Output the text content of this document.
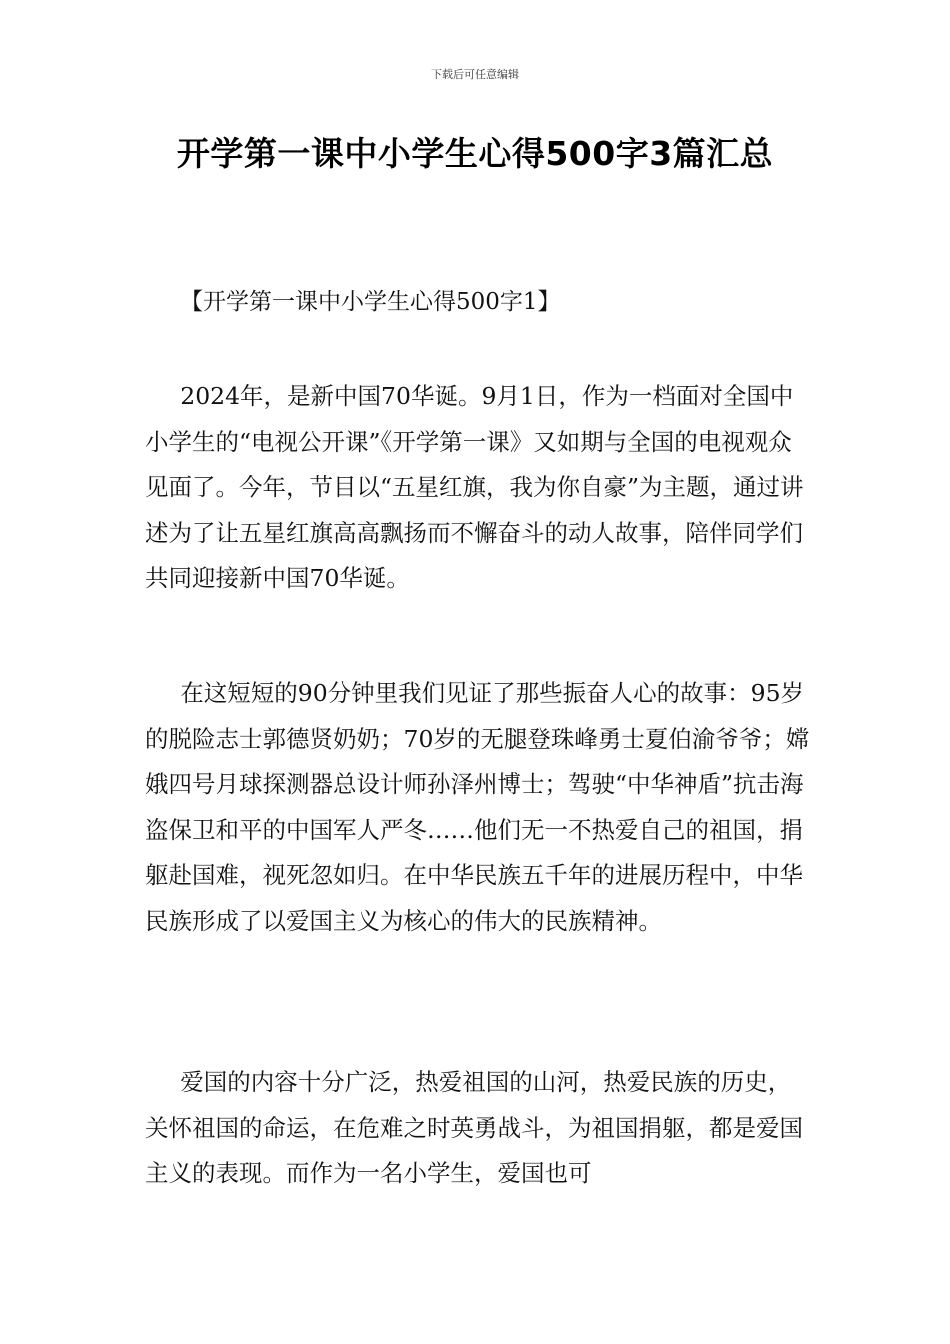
下载后可任意编辑
开学第一课中小学生心得500字3篇汇总

【开学第一课中小学生心得500字1】

2024年，是新中国70华诞。9月1日，作为一档面对全国中小学生的“电视公开课”《开学第一课》又如期与全国的电视观众见面了。今年，节目以“五星红旗，我为你自豪”为主题，通过讲述为了让五星红旗高高飘扬而不懈奋斗的动人故事，陪伴同学们共同迎接新中国70华诞。

在这短短的90分钟里我们见证了那些振奋人心的故事：95岁的脱险志士郭德贤奶奶；70岁的无腿登珠峰勇士夏伯渝爷爷；嫦娥四号月球探测器总设计师孙泽州博士；驾驶“中华神盾”抗击海盗保卫和平的中国军人严冬……他们无一不热爱自己的祖国，捐躯赴国难，视死忽如归。在中华民族五千年的进展历程中，中华民族形成了以爱国主义为核心的伟大的民族精神。

爱国的内容十分广泛，热爱祖国的山河，热爱民族的历史，关怀祖国的命运，在危难之时英勇战斗，为祖国捐躯，都是爱国主义的表现。而作为一名小学生，爱国也可
